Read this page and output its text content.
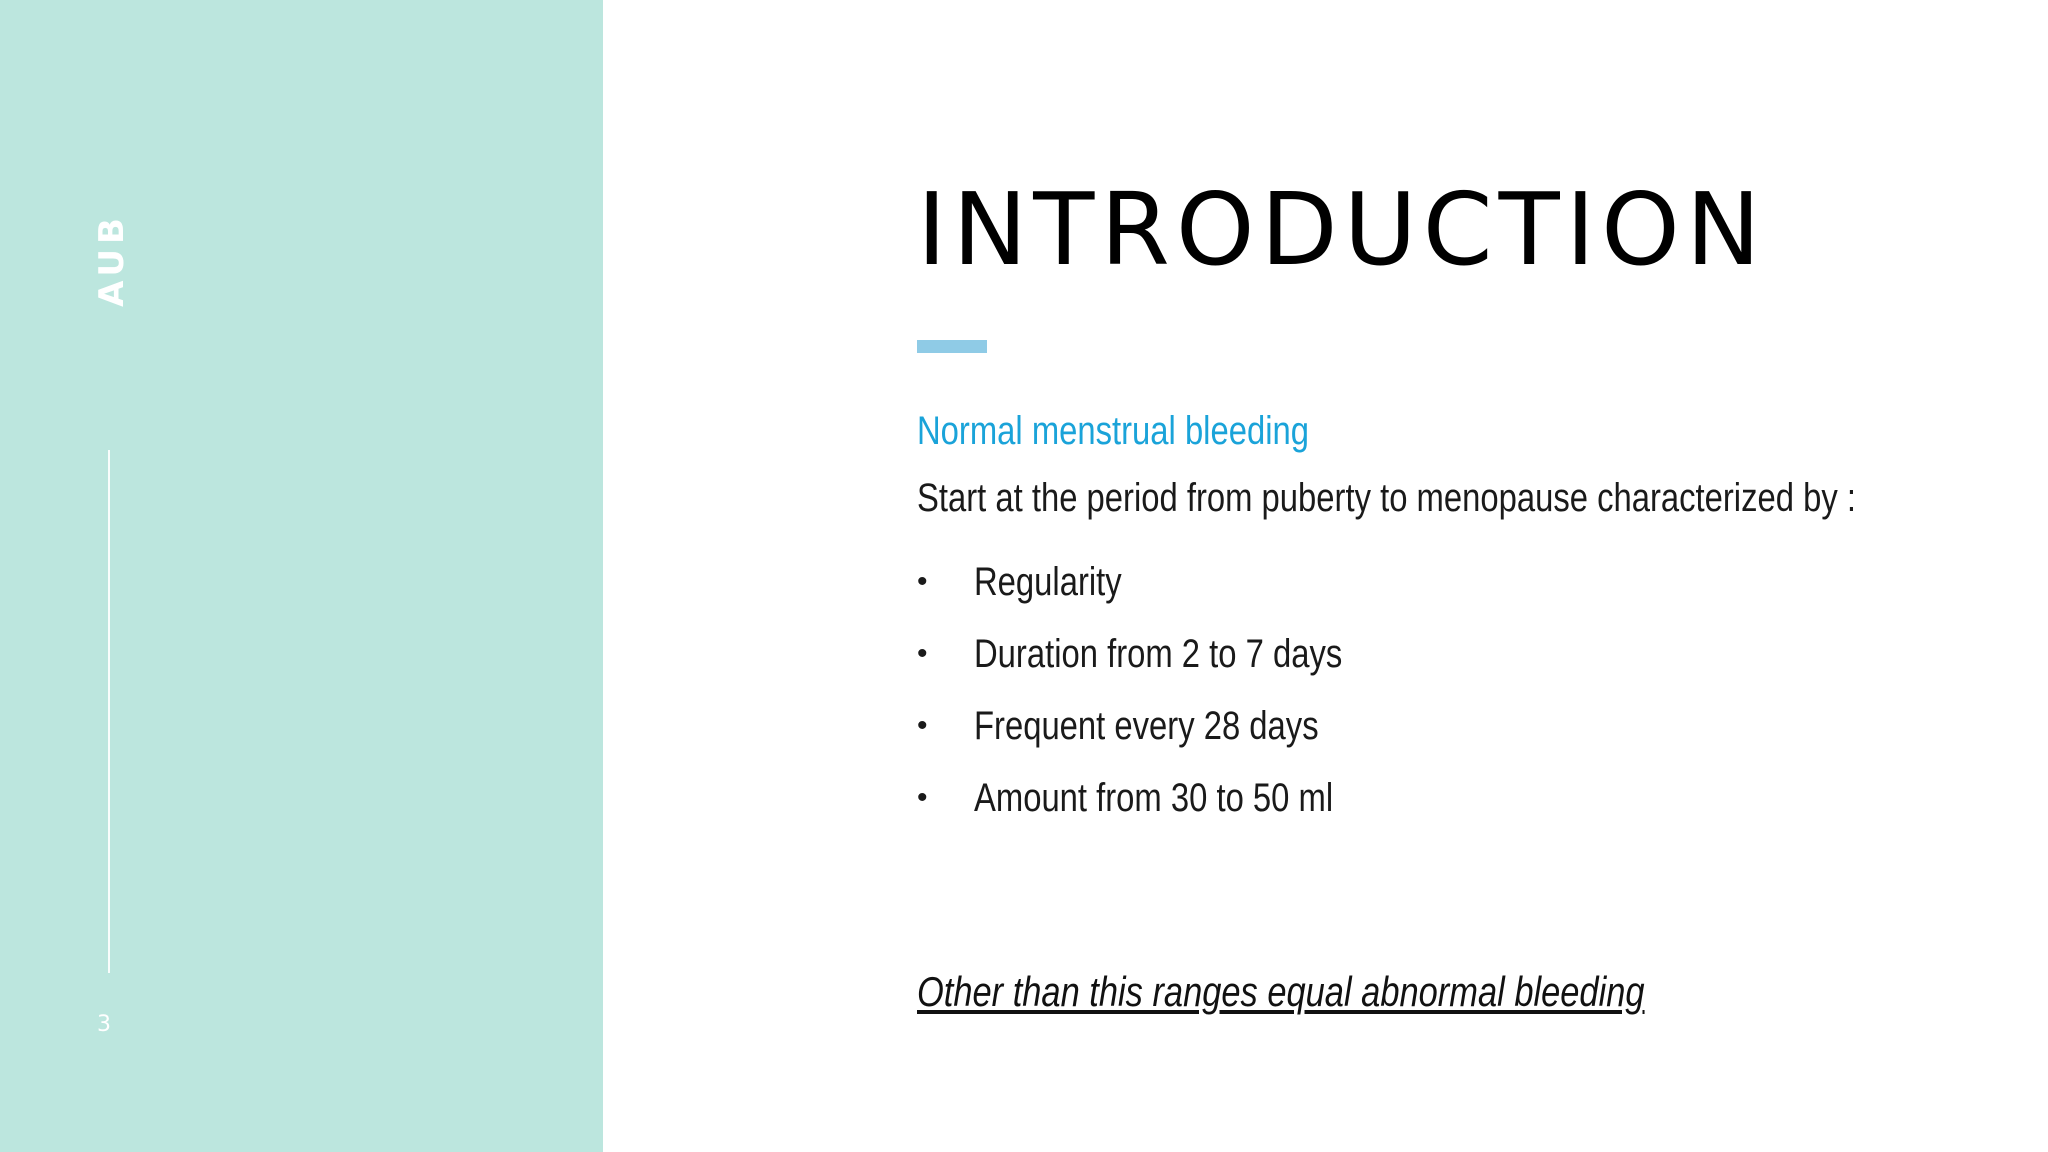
AUB
3
INTRODUCTION
Normal menstrual bleeding
Start at the period from puberty to menopause characterized by :
•	Regularity
•	Duration from 2 to 7 days
•	Frequent every 28 days
•	Amount from 30 to 50 ml
Other than this ranges equal abnormal bleeding
